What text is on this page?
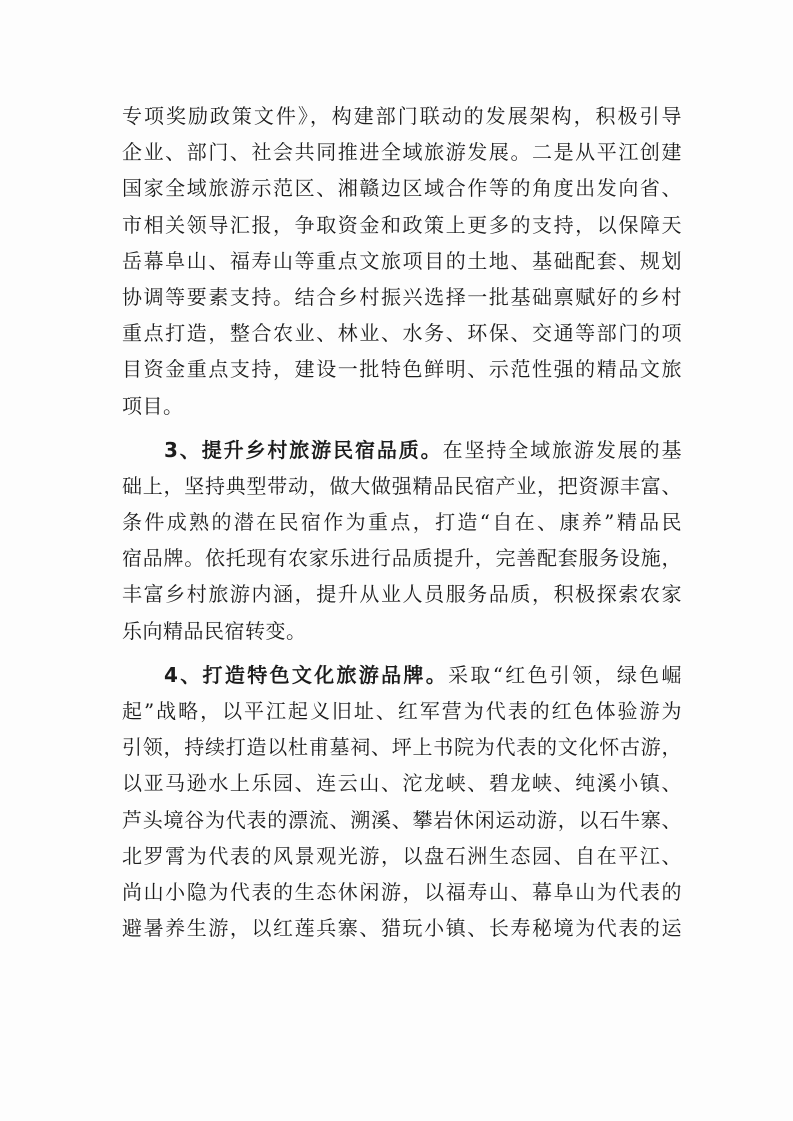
专项奖励政策文件》，构建部门联动的发展架构，积极引导
企业、部门、社会共同推进全域旅游发展。二是从平江创建
国家全域旅游示范区、湘赣边区域合作等的角度出发向省、
市相关领导汇报，争取资金和政策上更多的支持，以保障天
岳幕阜山、福寿山等重点文旅项目的土地、基础配套、规划
协调等要素支持。结合乡村振兴选择一批基础禀赋好的乡村
重点打造，整合农业、林业、水务、环保、交通等部门的项
目资金重点支持，建设一批特色鲜明、示范性强的精品文旅
项目。
3、提升乡村旅游民宿品质。在坚持全域旅游发展的基
础上，坚持典型带动，做大做强精品民宿产业，把资源丰富、
条件成熟的潜在民宿作为重点，打造“自在、康养”精品民
宿品牌。依托现有农家乐进行品质提升，完善配套服务设施，
丰富乡村旅游内涵，提升从业人员服务品质，积极探索农家
乐向精品民宿转变。
4、打造特色文化旅游品牌。采取“红色引领，绿色崛
起”战略，以平江起义旧址、红军营为代表的红色体验游为
引领，持续打造以杜甫墓祠、坪上书院为代表的文化怀古游，
以亚马逊水上乐园、连云山、沱龙峡、碧龙峡、纯溪小镇、
芦头境谷为代表的漂流、溯溪、攀岩休闲运动游，以石牛寨、
北罗霄为代表的风景观光游，以盘石洲生态园、自在平江、
尚山小隐为代表的生态休闲游，以福寿山、幕阜山为代表的
避暑养生游，以红莲兵寨、猎玩小镇、长寿秘境为代表的运
